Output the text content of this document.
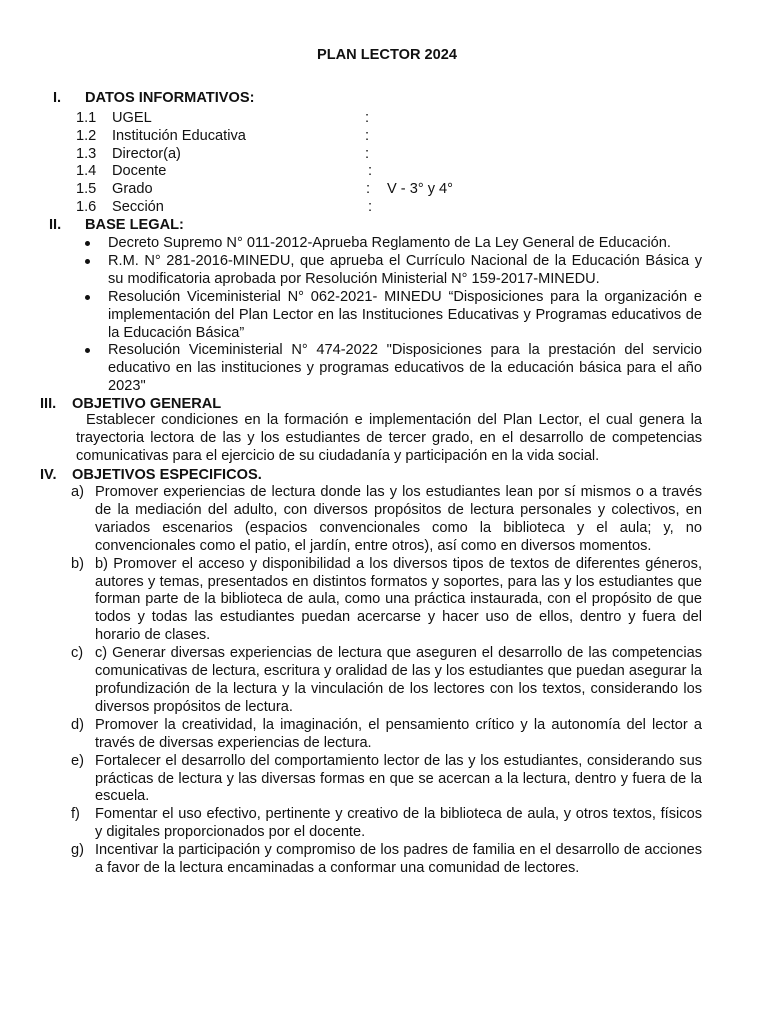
PLAN LECTOR 2024
I. DATOS INFORMATIVOS:
1.1 UGEL	:
1.2 Institución Educativa	:
1.3 Director(a)	:
1.4 Docente	:
1.5 Grado	: V - 3° y 4°
1.6 Sección	:
II. BASE LEGAL:
Decreto Supremo N° 011-2012-Aprueba Reglamento de La Ley General de Educación.
R.M. N° 281-2016-MINEDU, que aprueba el Currículo Nacional de la Educación Básica y su modificatoria aprobada por Resolución Ministerial N° 159-2017-MINEDU.
Resolución Viceministerial N° 062-2021- MINEDU “Disposiciones para la organización e implementación del Plan Lector en las Instituciones Educativas y Programas educativos de la Educación Básica”
Resolución Viceministerial N° 474-2022 "Disposiciones para la prestación del servicio educativo en las instituciones y programas educativos de la educación básica para el año 2023"
III. OBJETIVO GENERAL
Establecer condiciones en la formación e implementación del Plan Lector, el cual genera la trayectoria lectora de las y los estudiantes de tercer grado, en el desarrollo de competencias comunicativas para el ejercicio de su ciudadanía y participación en la vida social.
IV. OBJETIVOS ESPECIFICOS.
a) Promover experiencias de lectura donde las y los estudiantes lean por sí mismos o a través de la mediación del adulto, con diversos propósitos de lectura personales y colectivos, en variados escenarios (espacios convencionales como la biblioteca y el aula; y, no convencionales como el patio, el jardín, entre otros), así como en diversos momentos.
b) b) Promover el acceso y disponibilidad a los diversos tipos de textos de diferentes géneros, autores y temas, presentados en distintos formatos y soportes, para las y los estudiantes que forman parte de la biblioteca de aula, como una práctica instaurada, con el propósito de que todos y todas las estudiantes puedan acercarse y hacer uso de ellos, dentro y fuera del horario de clases.
c) c) Generar diversas experiencias de lectura que aseguren el desarrollo de las competencias comunicativas de lectura, escritura y oralidad de las y los estudiantes que puedan asegurar la profundización de la lectura y la vinculación de los lectores con los textos, considerando los diversos propósitos de lectura.
d) Promover la creatividad, la imaginación, el pensamiento crítico y la autonomía del lector a través de diversas experiencias de lectura.
e) Fortalecer el desarrollo del comportamiento lector de las y los estudiantes, considerando sus prácticas de lectura y las diversas formas en que se acercan a la lectura, dentro y fuera de la escuela.
f) Fomentar el uso efectivo, pertinente y creativo de la biblioteca de aula, y otros textos, físicos y digitales proporcionados por el docente.
g) Incentivar la participación y compromiso de los padres de familia en el desarrollo de acciones a favor de la lectura encaminadas a conformar una comunidad de lectores.
